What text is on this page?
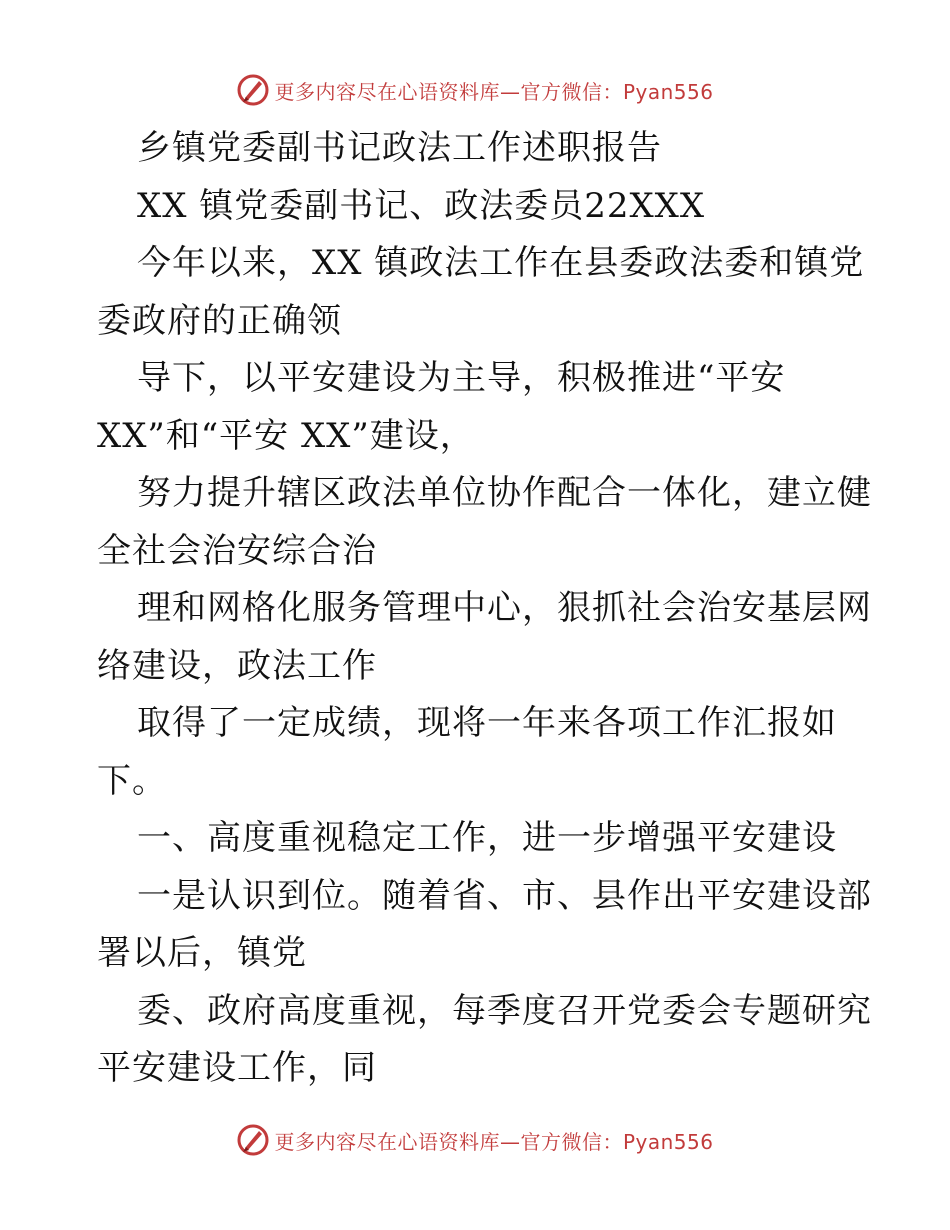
更多内容尽在心语资料库—官方微信：Pyan556
乡镇党委副书记政法工作述职报告
XX 镇党委副书记、政法委员22XXX
今年以来，XX 镇政法工作在县委政法委和镇党
委政府的正确领
导下，以平安建设为主导，积极推进“平安
XX”和“平安 XX”建设，
努力提升辖区政法单位协作配合一体化，建立健
全社会治安综合治
理和网格化服务管理中心，狠抓社会治安基层网
络建设，政法工作
取得了一定成绩，现将一年来各项工作汇报如
下。
一、高度重视稳定工作，进一步增强平安建设
一是认识到位。随着省、市、县作出平安建设部
署以后，镇党
委、政府高度重视，每季度召开党委会专题研究
平安建设工作，同
更多内容尽在心语资料库—官方微信：Pyan556
